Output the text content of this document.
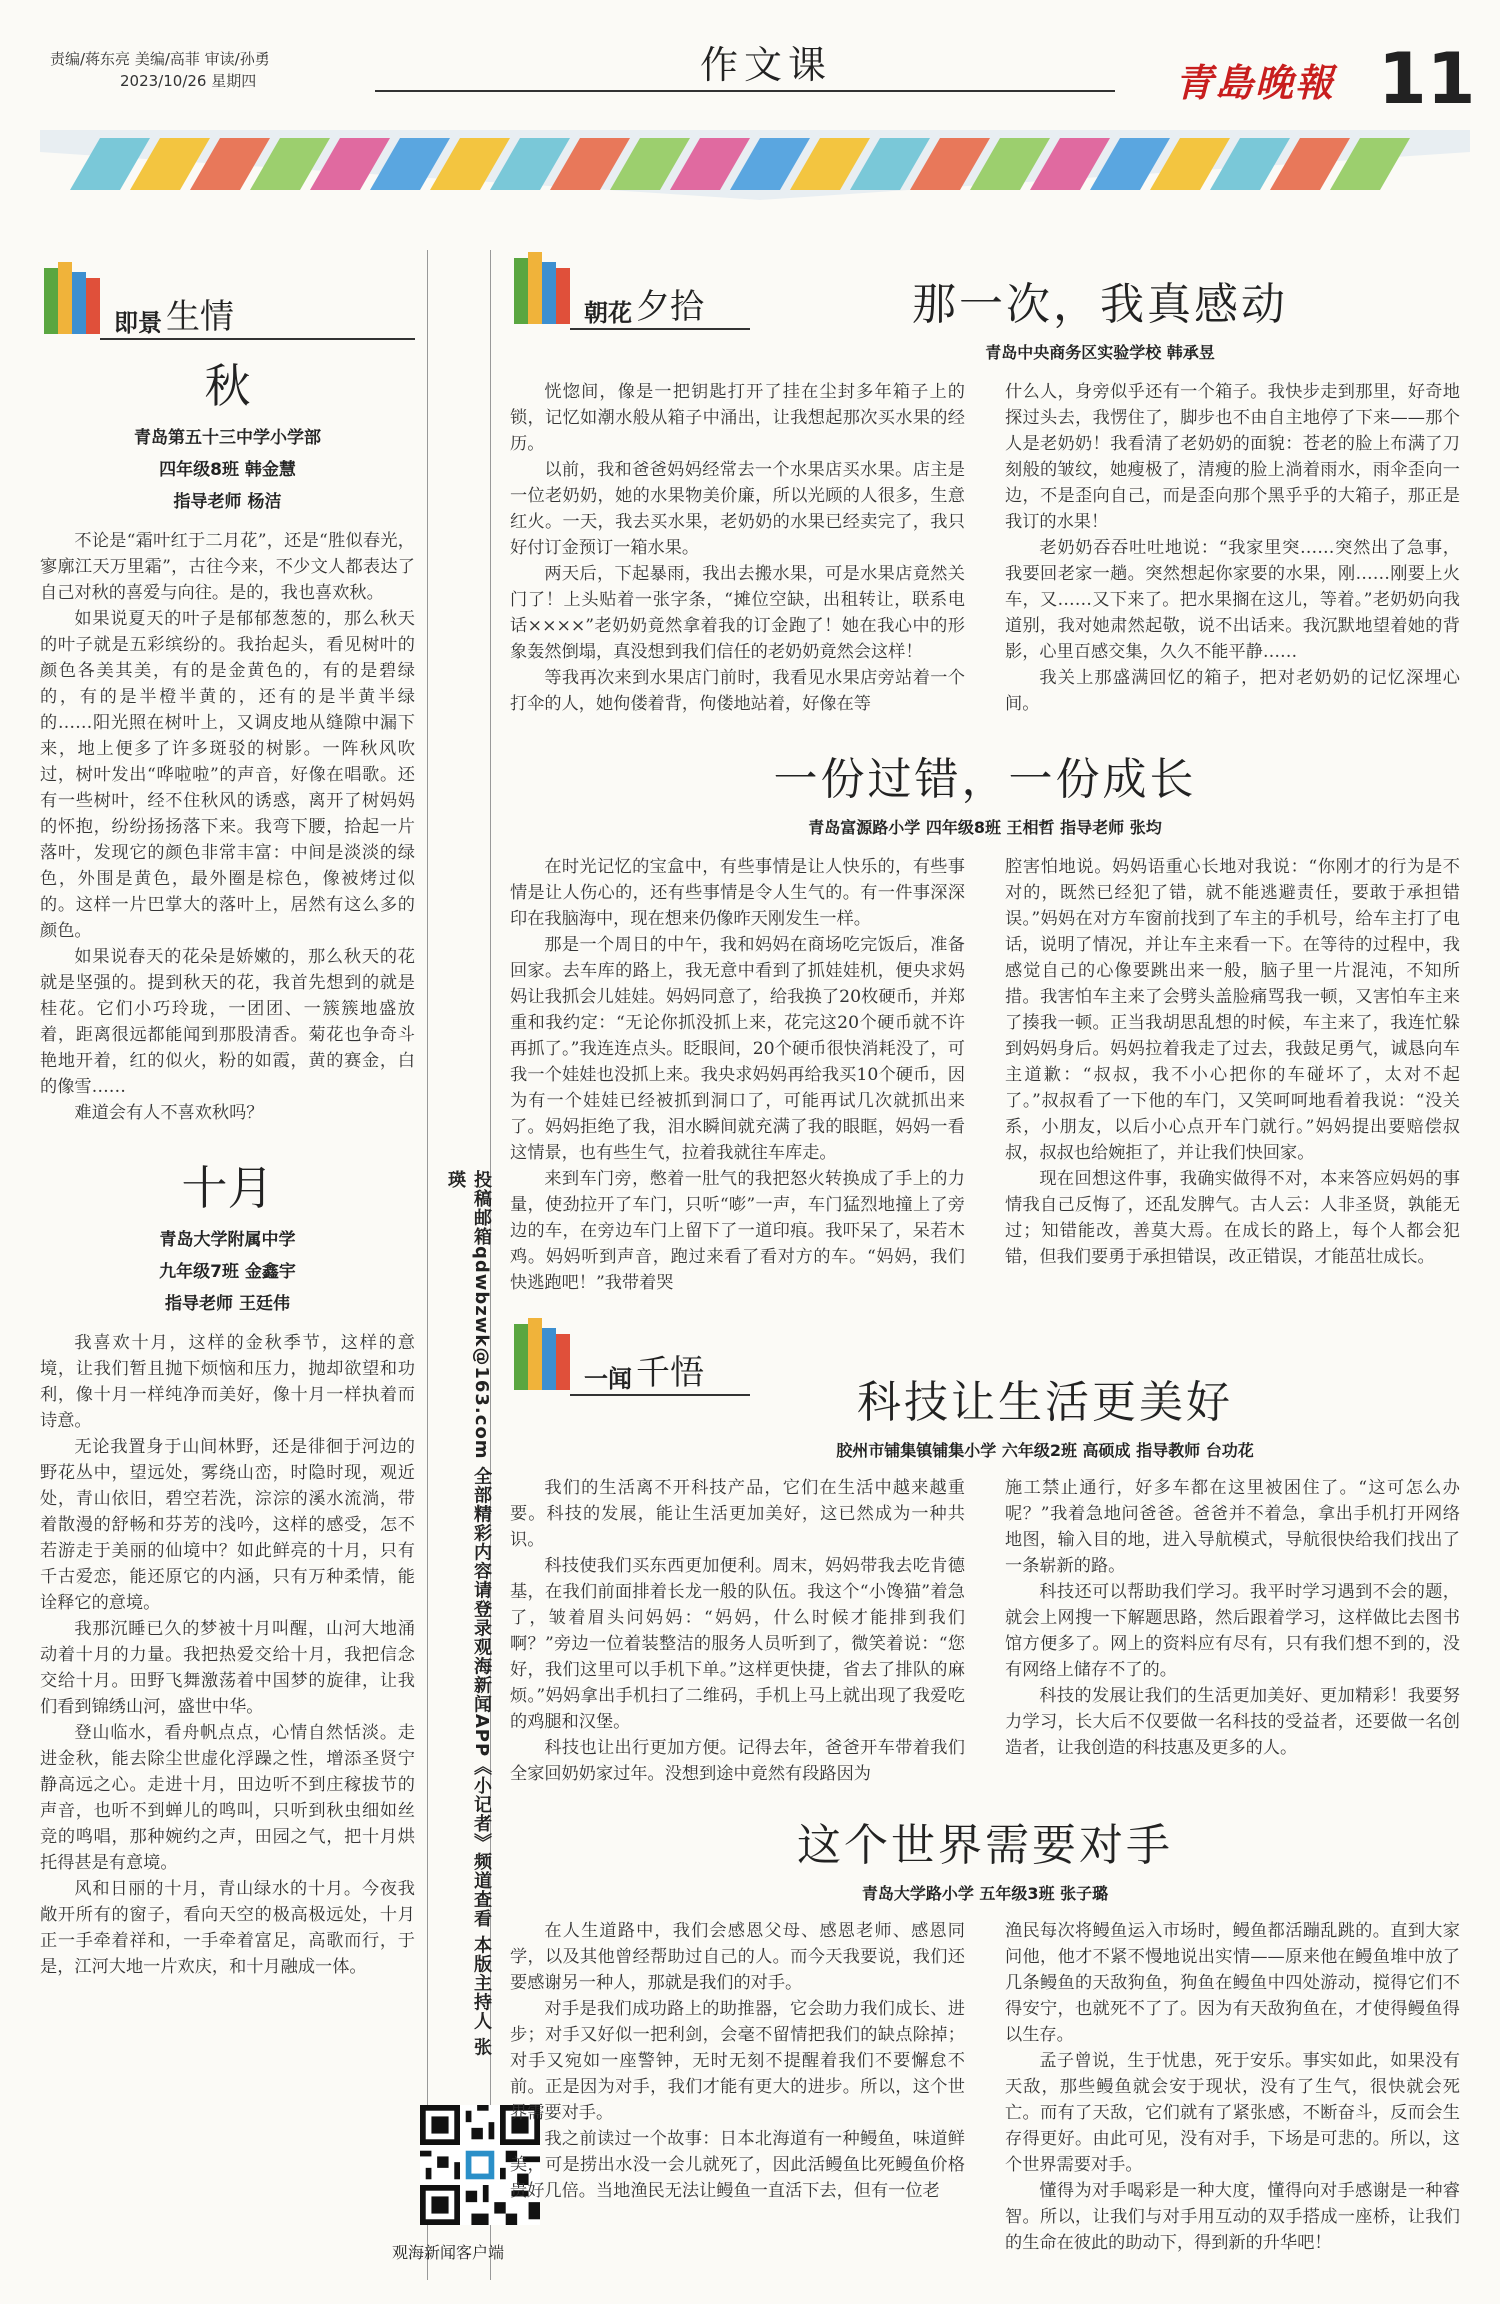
责编/蒋东亮 美编/高菲 审读/孙勇
2023/10/26 星期四	作文课	青島晚報 11
即景 生情
秋
青岛第五十三中学小学部
四年级8班 韩金慧
指导老师 杨洁

不论是“霜叶红于二月花”，还是“胜似春光，寥廓江天万里霜”，古往今来，不少文人都表达了自己对秋的喜爱与向往。是的，我也喜欢秋。

如果说夏天的叶子是郁郁葱葱的，那么秋天的叶子就是五彩缤纷的。我抬起头，看见树叶的颜色各美其美，有的是金黄色的，有的是碧绿的，有的是半橙半黄的，还有的是半黄半绿的……阳光照在树叶上，又调皮地从缝隙中漏下来，地上便多了许多斑驳的树影。一阵秋风吹过，树叶发出“哗啦啦”的声音，好像在唱歌。还有一些树叶，经不住秋风的诱惑，离开了树妈妈的怀抱，纷纷扬扬落下来。我弯下腰，拾起一片落叶，发现它的颜色非常丰富：中间是淡淡的绿色，外围是黄色，最外圈是棕色，像被烤过似的。这样一片巴掌大的落叶上，居然有这么多的颜色。

如果说春天的花朵是娇嫩的，那么秋天的花就是坚强的。提到秋天的花，我首先想到的就是桂花。它们小巧玲珑，一团团、一簇簇地盛放着，距离很远都能闻到那股清香。菊花也争奇斗艳地开着，红的似火，粉的如霞，黄的赛金，白的像雪……

难道会有人不喜欢秋吗？

十月
青岛大学附属中学
九年级7班 金鑫宇
指导老师 王廷伟

我喜欢十月，这样的金秋季节，这样的意境，让我们暂且抛下烦恼和压力，抛却欲望和功利，像十月一样纯净而美好，像十月一样执着而诗意。

无论我置身于山间林野，还是徘徊于河边的野花丛中，望远处，雾绕山峦，时隐时现，观近处，青山依旧，碧空若洗，淙淙的溪水流淌，带着散漫的舒畅和芬芳的浅吟，这样的感受，怎不若游走于美丽的仙境中？如此鲜亮的十月，只有千古爱恋，能还原它的内涵，只有万种柔情，能诠释它的意境。

我那沉睡已久的梦被十月叫醒，山河大地涌动着十月的力量。我把热爱交给十月，我把信念交给十月。田野飞舞激荡着中国梦的旋律，让我们看到锦绣山河，盛世中华。

登山临水，看舟帆点点，心情自然恬淡。走进金秋，能去除尘世虚化浮躁之性，增添圣贤宁静高远之心。走进十月，田边听不到庄稼拔节的声音，也听不到蝉儿的鸣叫，只听到秋虫细如丝竞的鸣唱，那种婉约之声，田园之气，把十月烘托得甚是有意境。

风和日丽的十月，青山绿水的十月。今夜我敞开所有的窗子，看向天空的极高极远处，十月正一手牵着祥和，一手牵着富足，高歌而行，于是，江河大地一片欢庆，和十月融成一体。	投稿邮箱qdwbzwk@163.com 全部精彩内容请登录观海新闻APP《小记者》频道查看 本版主持人 张瑛
观海新闻客户端
朝花 夕拾	那一次，我真感动
青岛中央商务区实验学校 韩承昱

恍惚间，像是一把钥匙打开了挂在尘封多年箱子上的锁，记忆如潮水般从箱子中涌出，让我想起那次买水果的经历。

以前，我和爸爸妈妈经常去一个水果店买水果。店主是一位老奶奶，她的水果物美价廉，所以光顾的人很多，生意红火。一天，我去买水果，老奶奶的水果已经卖完了，我只好付订金预订一箱水果。

两天后，下起暴雨，我出去搬水果，可是水果店竟然关门了！上头贴着一张字条，“摊位空缺，出租转让，联系电话××××”老奶奶竟然拿着我的订金跑了！她在我心中的形象轰然倒塌，真没想到我们信任的老奶奶竟然会这样！

等我再次来到水果店门前时，我看见水果店旁站着一个打伞的人，她佝偻着背，佝偻地站着，好像在等

什么人，身旁似乎还有一个箱子。我快步走到那里，好奇地探过头去，我愣住了，脚步也不由自主地停了下来——那个人是老奶奶！我看清了老奶奶的面貌：苍老的脸上布满了刀刻般的皱纹，她瘦极了，清瘦的脸上淌着雨水，雨伞歪向一边，不是歪向自己，而是歪向那个黑乎乎的大箱子，那正是我订的水果！

老奶奶吞吞吐吐地说：“我家里突……突然出了急事，我要回老家一趟。突然想起你家要的水果，刚……刚要上火车，又……又下来了。把水果搁在这儿，等着。”老奶奶向我道别，我对她肃然起敬，说不出话来。我沉默地望着她的背影，心里百感交集，久久不能平静……

我关上那盛满回忆的箱子，把对老奶奶的记忆深埋心间。

一份过错，一份成长
青岛富源路小学 四年级8班 王相哲 指导老师 张均

在时光记忆的宝盒中，有些事情是让人快乐的，有些事情是让人伤心的，还有些事情是令人生气的。有一件事深深印在我脑海中，现在想来仍像昨天刚发生一样。

那是一个周日的中午，我和妈妈在商场吃完饭后，准备回家。去车库的路上，我无意中看到了抓娃娃机，便央求妈妈让我抓会儿娃娃。妈妈同意了，给我换了20枚硬币，并郑重和我约定：“无论你抓没抓上来，花完这20个硬币就不许再抓了。”我连连点头。眨眼间，20个硬币很快消耗没了，可我一个娃娃也没抓上来。我央求妈妈再给我买10个硬币，因为有一个娃娃已经被抓到洞口了，可能再试几次就抓出来了。妈妈拒绝了我，泪水瞬间就充满了我的眼眶，妈妈一看这情景，也有些生气，拉着我就往车库走。

来到车门旁，憋着一肚气的我把怒火转换成了手上的力量，使劲拉开了车门，只听“嘭”一声，车门猛烈地撞上了旁边的车，在旁边车门上留下了一道印痕。我吓呆了，呆若木鸡。妈妈听到声音，跑过来看了看对方的车。“妈妈，我们快逃跑吧！”我带着哭

腔害怕地说。妈妈语重心长地对我说：“你刚才的行为是不对的，既然已经犯了错，就不能逃避责任，要敢于承担错误。”妈妈在对方车窗前找到了车主的手机号，给车主打了电话，说明了情况，并让车主来看一下。在等待的过程中，我感觉自己的心像要跳出来一般，脑子里一片混沌，不知所措。我害怕车主来了会劈头盖脸痛骂我一顿，又害怕车主来了揍我一顿。正当我胡思乱想的时候，车主来了，我连忙躲到妈妈身后。妈妈拉着我走了过去，我鼓足勇气，诚恳向车主道歉：“叔叔，我不小心把你的车碰坏了，太对不起了。”叔叔看了一下他的车门，又笑呵呵地看着我说：“没关系，小朋友，以后小心点开车门就行。”妈妈提出要赔偿叔叔，叔叔也给婉拒了，并让我们快回家。

现在回想这件事，我确实做得不对，本来答应妈妈的事情我自己反悔了，还乱发脾气。古人云：人非圣贤，孰能无过；知错能改，善莫大焉。在成长的路上，每个人都会犯错，但我们要勇于承担错误，改正错误，才能茁壮成长。

一闻 千悟
科技让生活更美好
胶州市铺集镇铺集小学 六年级2班 高硕成 指导教师 台功花

我们的生活离不开科技产品，它们在生活中越来越重要。科技的发展，能让生活更加美好，这已然成为一种共识。

科技使我们买东西更加便利。周末，妈妈带我去吃肯德基，在我们前面排着长龙一般的队伍。我这个“小馋猫”着急了，皱着眉头问妈妈：“妈妈，什么时候才能排到我们啊？”旁边一位着装整洁的服务人员听到了，微笑着说：“您好，我们这里可以手机下单。”这样更快捷，省去了排队的麻烦。”妈妈拿出手机扫了二维码，手机上马上就出现了我爱吃的鸡腿和汉堡。

科技也让出行更加方便。记得去年，爸爸开车带着我们全家回奶奶家过年。没想到途中竟然有段路因为

施工禁止通行，好多车都在这里被困住了。“这可怎么办呢？”我着急地问爸爸。爸爸并不着急，拿出手机打开网络地图，输入目的地，进入导航模式，导航很快给我们找出了一条崭新的路。

科技还可以帮助我们学习。我平时学习遇到不会的题，就会上网搜一下解题思路，然后跟着学习，这样做比去图书馆方便多了。网上的资料应有尽有，只有我们想不到的，没有网络上储存不了的。

科技的发展让我们的生活更加美好、更加精彩！我要努力学习，长大后不仅要做一名科技的受益者，还要做一名创造者，让我创造的科技惠及更多的人。

这个世界需要对手
青岛大学路小学 五年级3班 张子璐

在人生道路中，我们会感恩父母、感恩老师、感恩同学，以及其他曾经帮助过自己的人。而今天我要说，我们还要感谢另一种人，那就是我们的对手。

对手是我们成功路上的助推器，它会助力我们成长、进步；对手又好似一把利剑，会毫不留情把我们的缺点除掉；对手又宛如一座警钟，无时无刻不提醒着我们不要懈怠不前。正是因为对手，我们才能有更大的进步。所以，这个世界需要对手。

我之前读过一个故事：日本北海道有一种鳗鱼，味道鲜美，可是捞出水没一会儿就死了，因此活鳗鱼比死鳗鱼价格贵好几倍。当地渔民无法让鳗鱼一直活下去，但有一位老

渔民每次将鳗鱼运入市场时，鳗鱼都活蹦乱跳的。直到大家问他，他才不紧不慢地说出实情——原来他在鳗鱼堆中放了几条鳗鱼的天敌狗鱼，狗鱼在鳗鱼中四处游动，搅得它们不得安宁，也就死不了了。因为有天敌狗鱼在，才使得鳗鱼得以生存。

孟子曾说，生于忧患，死于安乐。事实如此，如果没有天敌，那些鳗鱼就会安于现状，没有了生气，很快就会死亡。而有了天敌，它们就有了紧张感，不断奋斗，反而会生存得更好。由此可见，没有对手，下场是可悲的。所以，这个世界需要对手。

懂得为对手喝彩是一种大度，懂得向对手感谢是一种睿智。所以，让我们与对手用互动的双手搭成一座桥，让我们的生命在彼此的助动下，得到新的升华吧！
